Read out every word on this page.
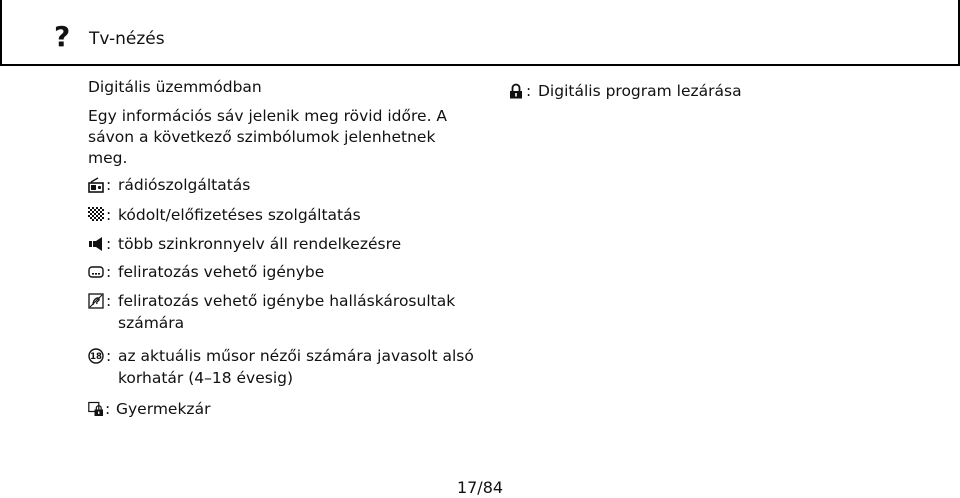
? Tv-nézés

Digitális üzemmódban

Egy információs sáv jelenik meg rövid időre. A sávon a következő szimbólumok jelenhetnek meg.

: rádiószolgáltatás
: kódolt/előfizetéses szolgáltatás
: több szinkronnyelv áll rendelkezésre
: feliratozás vehető igénybe
: feliratozás vehető igénybe halláskárosultak számára
18 : az aktuális műsor nézői számára javasolt alsó korhatár (4–18 évesig)
: Gyermekzár
: Digitális program lezárása
17/84
